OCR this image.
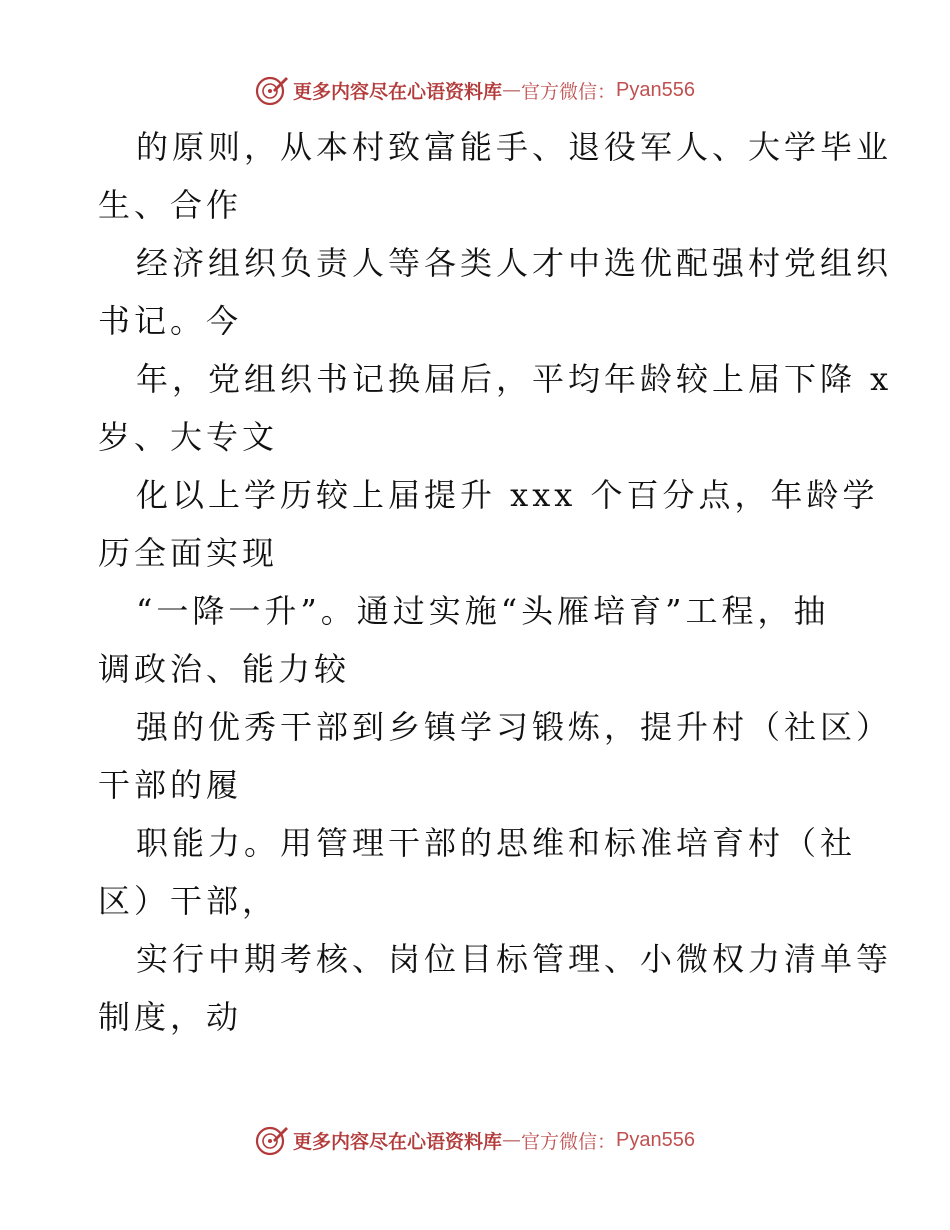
更多内容尽在心语资料库 — 官方微信： Pyan556
的原则，从本村致富能手、退役军人、大学毕业
生、合作
经济组织负责人等各类人才中选优配强村党组织
书记。今
年，党组织书记换届后，平均年龄较上届下降 x
岁、大专文
化以上学历较上届提升 xxx 个百分点，年龄学
历全面实现
“一降一升”。通过实施“头雁培育”工程，抽
调政治、能力较
强的优秀干部到乡镇学习锻炼，提升村（社区）
干部的履
职能力。用管理干部的思维和标准培育村（社
区）干部，
实行中期考核、岗位目标管理、小微权力清单等
制度，动
更多内容尽在心语资料库 — 官方微信： Pyan556
